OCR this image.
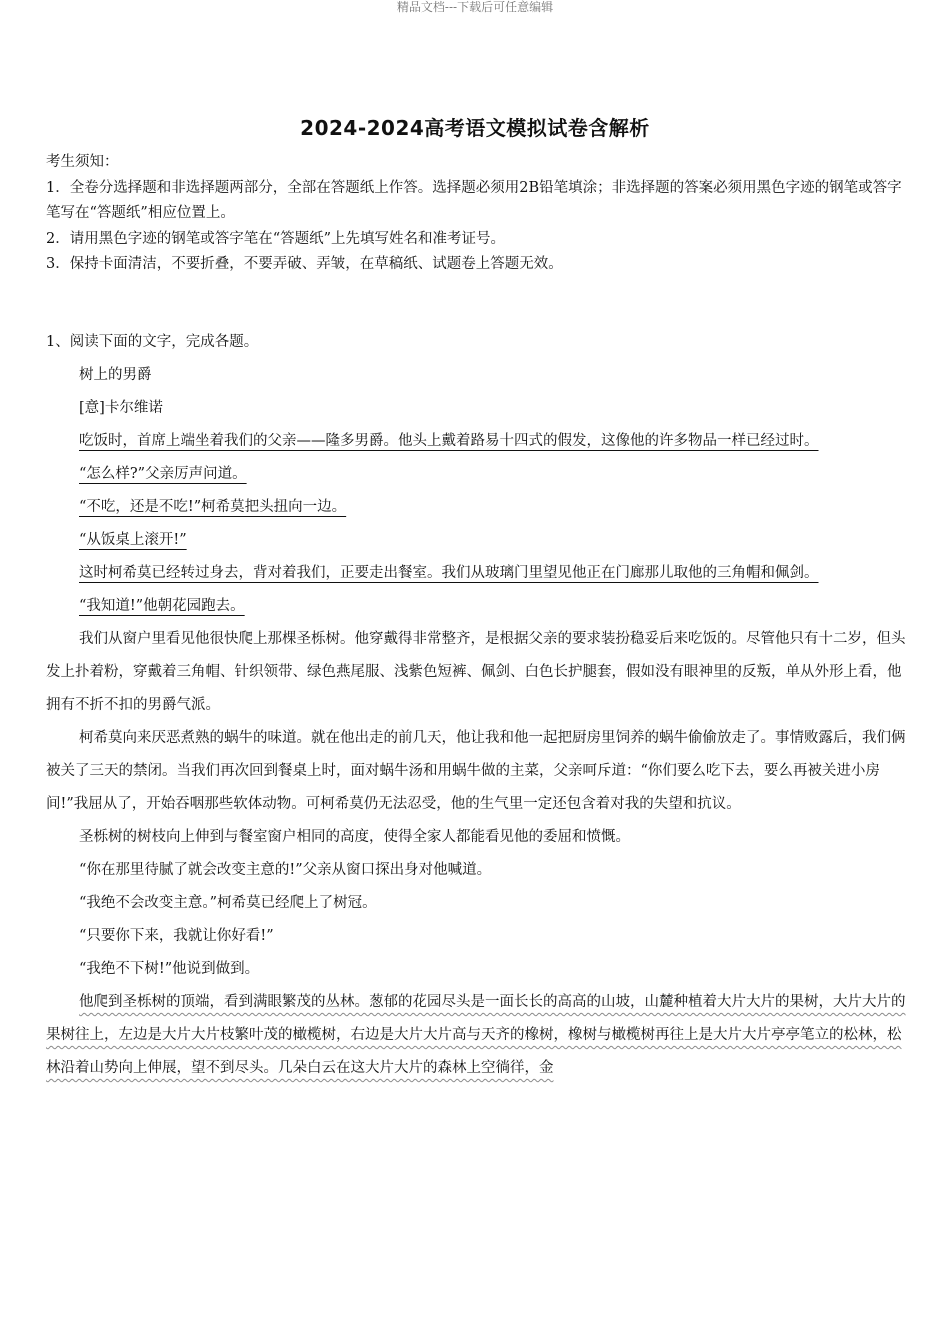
精品文档---下载后可任意编辑
2024-2024高考语文模拟试卷含解析

考生须知：

1．全卷分选择题和非选择题两部分，全部在答题纸上作答。选择题必须用2B铅笔填涂；非选择题的答案必须用黑色字迹的钢笔或答字笔写在“答题纸”相应位置上。

2．请用黑色字迹的钢笔或答字笔在“答题纸”上先填写姓名和准考证号。

3．保持卡面清洁，不要折叠，不要弄破、弄皱，在草稿纸、试题卷上答题无效。

1、阅读下面的文字，完成各题。

树上的男爵

[意]卡尔维诺

吃饭时，首席上端坐着我们的父亲——隆多男爵。他头上戴着路易十四式的假发，这像他的许多物品一样已经过时。

“怎么样?”父亲厉声问道。

“不吃，还是不吃!”柯希莫把头扭向一边。

“从饭桌上滚开!”

这时柯希莫已经转过身去，背对着我们，正要走出餐室。我们从玻璃门里望见他正在门廊那儿取他的三角帽和佩剑。

“我知道!”他朝花园跑去。

我们从窗户里看见他很快爬上那棵圣栎树。他穿戴得非常整齐，是根据父亲的要求装扮稳妥后来吃饭的。尽管他只有十二岁，但头发上扑着粉，穿戴着三角帽、针织领带、绿色燕尾服、浅紫色短裤、佩剑、白色长护腿套，假如没有眼神里的反叛，单从外形上看，他拥有不折不扣的男爵气派。

柯希莫向来厌恶煮熟的蜗牛的味道。就在他出走的前几天，他让我和他一起把厨房里饲养的蜗牛偷偷放走了。事情败露后，我们俩被关了三天的禁闭。当我们再次回到餐桌上时，面对蜗牛汤和用蜗牛做的主菜，父亲呵斥道：“你们要么吃下去，要么再被关进小房间!”我屈从了，开始吞咽那些软体动物。可柯希莫仍无法忍受，他的生气里一定还包含着对我的失望和抗议。

圣栎树的树枝向上伸到与餐室窗户相同的高度，使得全家人都能看见他的委屈和愤慨。

“你在那里待腻了就会改变主意的!”父亲从窗口探出身对他喊道。

“我绝不会改变主意。”柯希莫已经爬上了树冠。

“只要你下来，我就让你好看!”

“我绝不下树!”他说到做到。

他爬到圣栎树的顶端，看到满眼繁茂的丛林。葱郁的花园尽头是一面长长的高高的山坡，山麓种植着大片大片的果树，大片大片的果树往上，左边是大片大片枝繁叶茂的橄榄树，右边是大片大片高与天齐的橡树，橡树与橄榄树再往上是大片大片亭亭笔立的松林，松林沿着山势向上伸展，望不到尽头。几朵白云在这大片大片的森林上空徜徉，金
